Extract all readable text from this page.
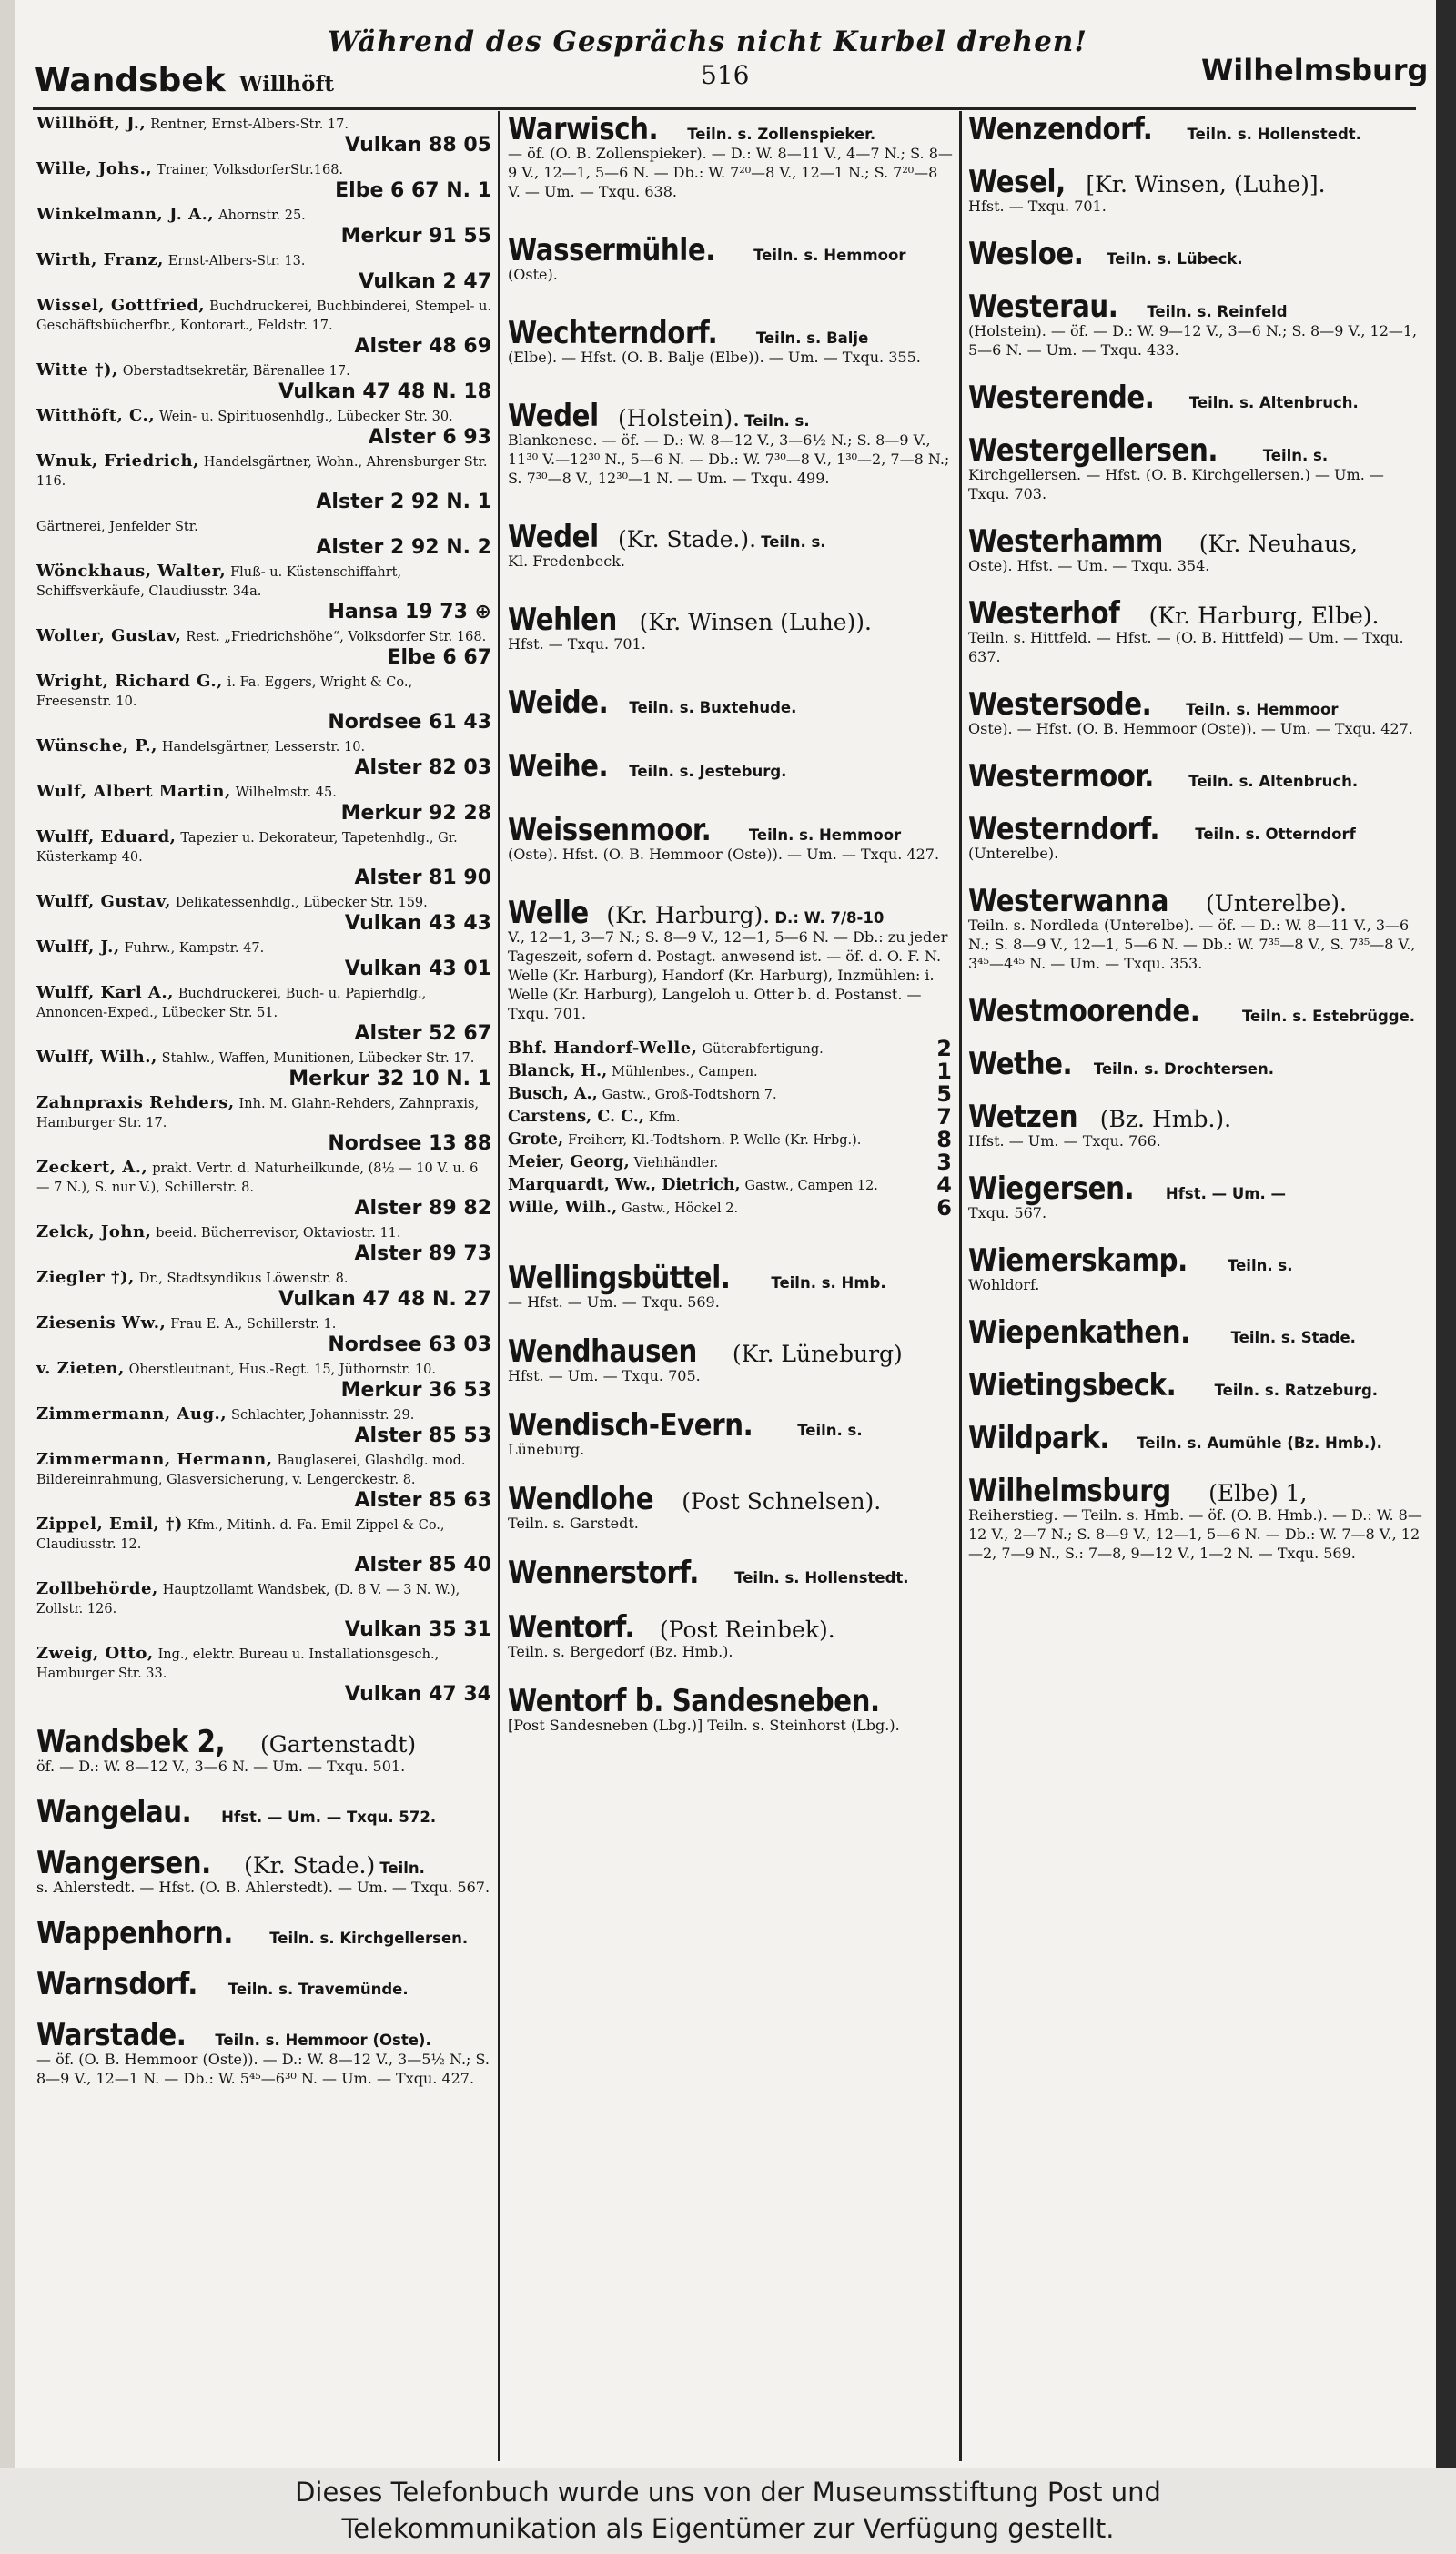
Während des Gesprächs nicht Kurbel drehen!
Wandsbek Willhöft	516	Wilhelmsburg
Willhöft, J., Rentner, Ernst-Albers-Str. 17.
Vulkan 88 05
Wille, Johs., Trainer, VolksdorferStr.168.
Elbe 6 67 N. 1
Winkelmann, J. A., Ahornstr. 25.
Merkur 91 55
Wirth, Franz, Ernst-Albers-Str. 13.
Vulkan 2 47
Wissel, Gottfried, Buchdruckerei, Buchbinderei, Stempel- u. Geschäftsbücherfbr., Kontorart., Feldstr. 17.
Alster 48 69
Witte †), Oberstadtsekretär, Bärenallee 17.
Vulkan 47 48 N. 18
Witthöft, C., Wein- u. Spirituosenhdlg., Lübecker Str. 30.
Alster 6 93
Wnuk, Friedrich, Handelsgärtner, Wohn., Ahrensburger Str. 116.
Alster 2 92 N. 1
Gärtnerei, Jenfelder Str.
Alster 2 92 N. 2
Wönckhaus, Walter, Fluß- u. Küstenschiffahrt, Schiffsverkäufe, Claudiusstr. 34a.
Hansa 19 73 ⊕
Wolter, Gustav, Rest. „Friedrichshöhe“, Volksdorfer Str. 168.
Elbe 6 67
Wright, Richard G., i. Fa. Eggers, Wright & Co., Freesenstr. 10.
Nordsee 61 43
Wünsche, P., Handelsgärtner, Lesserstr. 10.
Alster 82 03
Wulf, Albert Martin, Wilhelmstr. 45.
Merkur 92 28
Wulff, Eduard, Tapezier u. Dekorateur, Tapetenhdlg., Gr. Küsterkamp 40.
Alster 81 90
Wulff, Gustav, Delikatessenhdlg., Lübecker Str. 159.
Vulkan 43 43
Wulff, J., Fuhrw., Kampstr. 47.
Vulkan 43 01
Wulff, Karl A., Buchdruckerei, Buch- u. Papierhdlg., Annoncen-Exped., Lübecker Str. 51.
Alster 52 67
Wulff, Wilh., Stahlw., Waffen, Munitionen, Lübecker Str. 17.
Merkur 32 10 N. 1
Zahnpraxis Rehders, Inh. M. Glahn-Rehders, Zahnpraxis, Hamburger Str. 17.
Nordsee 13 88
Zeckert, A., prakt. Vertr. d. Naturheilkunde, (8½ — 10 V. u. 6 — 7 N.), S. nur V.), Schillerstr. 8.
Alster 89 82
Zelck, John, beeid. Bücherrevisor, Oktaviostr. 11.
Alster 89 73
Ziegler †), Dr., Stadtsyndikus Löwenstr. 8.
Vulkan 47 48 N. 27
Ziesenis Ww., Frau E. A., Schillerstr. 1.
Nordsee 63 03
v. Zieten, Oberstleutnant, Hus.-Regt. 15, Jüthornstr. 10.
Merkur 36 53
Zimmermann, Aug., Schlachter, Johannisstr. 29.
Alster 85 53
Zimmermann, Hermann, Bauglaserei, Glashdlg. mod. Bildereinrahmung, Glasversicherung, v. Lengerckestr. 8.
Alster 85 63
Zippel, Emil, †) Kfm., Mitinh. d. Fa. Emil Zippel & Co., Claudiusstr. 12.
Alster 85 40
Zollbehörde, Hauptzollamt Wandsbek, (D. 8 V. — 3 N. W.), Zollstr. 126.
Vulkan 35 31
Zweig, Otto, Ing., elektr. Bureau u. Installationsgesch., Hamburger Str. 33.
Vulkan 47 34
Wandsbek 2, (Gartenstadt)
öf. — D.: W. 8—12 V., 3—6 N. — Um. — Txqu. 501.
Wangelau. Hfst. — Um. — Txqu. 572.
Wangersen. (Kr. Stade.) Teiln.
s. Ahlerstedt. — Hfst. (O. B. Ahlerstedt). — Um. — Txqu. 567.
Wappenhorn. Teiln. s. Kirchgellersen.
Warnsdorf. Teiln. s. Travemünde.
Warstade. Teiln. s. Hemmoor (Oste).
— öf. (O. B. Hemmoor (Oste)). — D.: W. 8—12 V., 3—5½ N.; S. 8—9 V., 12—1 N. — Db.: W. 5⁴⁵—6³⁰ N. — Um. — Txqu. 427.
Warwisch. Teiln. s. Zollenspieker.
— öf. (O. B. Zollenspieker). — D.: W. 8—11 V., 4—7 N.; S. 8—9 V., 12—1, 5—6 N. — Db.: W. 7²⁰—8 V., 12—1 N.; S. 7²⁰—8 V. — Um. — Txqu. 638.
Wassermühle.	Teiln. s. Hemmoor
(Oste).
Wechterndorf.	Teiln. s. Balje
(Elbe). — Hfst. (O. B. Balje (Elbe)). — Um. — Txqu. 355.
Wedel (Holstein). Teiln. s.
Blankenese. — öf. — D.: W. 8—12 V., 3—6½ N.; S. 8—9 V., 11³⁰ V.—12³⁰ N., 5—6 N. — Db.: W. 7³⁰—8 V., 1³⁰—2, 7—8 N.; S. 7³⁰—8 V., 12³⁰—1 N. — Um. — Txqu. 499.
Wedel (Kr. Stade.). Teiln. s.
Kl. Fredenbeck.
Wehlen (Kr. Winsen (Luhe)).
Hfst. — Txqu. 701.
Weide. Teiln. s. Buxtehude.
Weihe. Teiln. s. Jesteburg.
Weissenmoor.	Teiln. s. Hemmoor
(Oste). Hfst. (O. B. Hemmoor (Oste)). — Um. — Txqu. 427.
Welle (Kr. Harburg). D.: W. 7/8-10
V., 12—1, 3—7 N.; S. 8—9 V., 12—1, 5—6 N. — Db.: zu jeder Tageszeit, sofern d. Postagt. anwesend ist. — öf. d. O. F. N. Welle (Kr. Harburg), Handorf (Kr. Harburg), Inzmühlen: i. Welle (Kr. Harburg), Langeloh u. Otter b. d. Postanst. — Txqu. 701.
Bhf. Handorf-Welle, Güterabfertigung.	2
Blanck, H., Mühlenbes., Campen.	1
Busch, A., Gastw., Groß-Todtshorn 7.	5
Carstens, C. C., Kfm.	7
Grote, Freiherr, Kl.-Todtshorn. P. Welle (Kr. Hrbg.).	8
Meier, Georg, Viehhändler.	3
Marquardt, Ww., Dietrich, Gastw., Campen 12.	4
Wille, Wilh., Gastw., Höckel 2.	6
Wellingsbüttel.	Teiln. s. Hmb.
— Hfst. — Um. — Txqu. 569.
Wendhausen (Kr. Lüneburg)
Hfst. — Um. — Txqu. 705.
Wendisch-Evern.	Teiln. s.
Lüneburg.
Wendlohe (Post Schnelsen).
Teiln. s. Garstedt.
Wennerstorf. Teiln. s. Hollenstedt.
Wentorf. (Post Reinbek).
Teiln. s. Bergedorf (Bz. Hmb.).
Wentorf b. Sandesneben.
[Post Sandesneben (Lbg.)] Teiln. s. Steinhorst (Lbg.).
Wenzendorf. Teiln. s. Hollenstedt.
Wesel, [Kr. Winsen, (Luhe)].
Hfst. — Txqu. 701.
Wesloe. Teiln. s. Lübeck.
Westerau. Teiln. s. Reinfeld
(Holstein). — öf. — D.: W. 9—12 V., 3—6 N.; S. 8—9 V., 12—1, 5—6 N. — Um. — Txqu. 433.
Westerende. Teiln. s. Altenbruch.
Westergellersen.	Teiln. s.
Kirchgellersen. — Hfst. (O. B. Kirchgellersen.) — Um. — Txqu. 703.
Westerhamm (Kr. Neuhaus,
Oste). Hfst. — Um. — Txqu. 354.
Westerhof (Kr. Harburg, Elbe).
Teiln. s. Hittfeld. — Hfst. — (O. B. Hittfeld) — Um. — Txqu. 637.
Westersode. Teiln. s. Hemmoor
Oste). — Hfst. (O. B. Hemmoor (Oste)). — Um. — Txqu. 427.
Westermoor. Teiln. s. Altenbruch.
Westerndorf. Teiln. s. Otterndorf
(Unterelbe).
Westerwanna (Unterelbe).
Teiln. s. Nordleda (Unterelbe). — öf. — D.: W. 8—11 V., 3—6 N.; S. 8—9 V., 12—1, 5—6 N. — Db.: W. 7³⁵—8 V., S. 7³⁵—8 V., 3⁴⁵—4⁴⁵ N. — Um. — Txqu. 353.
Westmoorende.	Teiln. s. Estebrügge.
Wethe. Teiln. s. Drochtersen.
Wetzen (Bz. Hmb.).
Hfst. — Um. — Txqu. 766.
Wiegersen. Hfst. — Um. —
Txqu. 567.
Wiemerskamp.	Teiln. s.
Wohldorf.
Wiepenkathen.	Teiln. s. Stade.
Wietingsbeck.	Teiln. s. Ratzeburg.
Wildpark. Teiln. s. Aumühle (Bz. Hmb.).
Wilhelmsburg (Elbe) 1,
Reiherstieg. — Teiln. s. Hmb. — öf. (O. B. Hmb.). — D.: W. 8—12 V., 2—7 N.; S. 8—9 V., 12—1, 5—6 N. — Db.: W. 7—8 V., 12—2, 7—9 N., S.: 7—8, 9—12 V., 1—2 N. — Txqu. 569.

Dieses Telefonbuch wurde uns von der Museumsstiftung Post und

Telekommunikation als Eigentümer zur Verfügung gestellt.
